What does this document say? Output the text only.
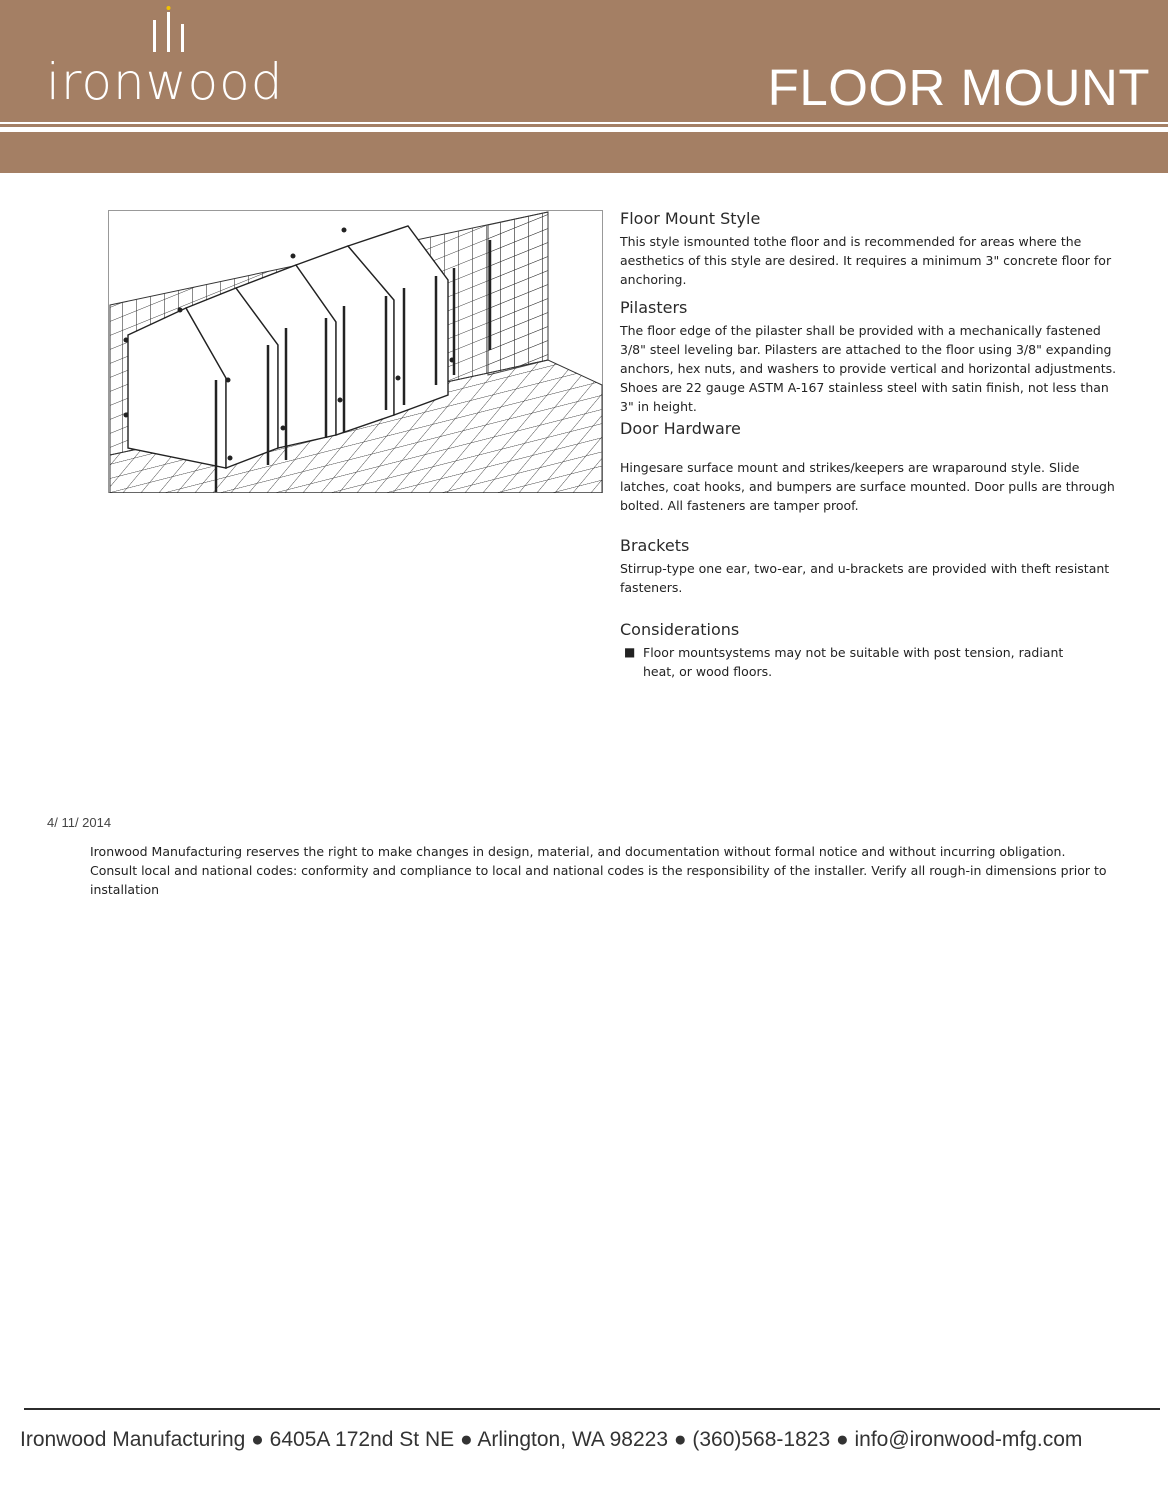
ironwood	FLOOR MOUNT

Floor Mount Style

This style ismounted tothe floor and is recommended for areas where the aesthetics of this style are desired. It requires a minimum 3" concrete floor for anchoring.

Pilasters

The floor edge of the pilaster shall be provided with a mechanically fastened 3/8" steel leveling bar. Pilasters are attached to the floor using 3/8" expanding anchors, hex nuts, and washers to provide vertical and horizontal adjustments. Shoes are 22 gauge ASTM A-167 stainless steel with satin finish, not less than 3" in height.

Door Hardware

Hingesare surface mount and strikes/keepers are wraparound style. Slide latches, coat hooks, and bumpers are surface mounted. Door pulls are through bolted. All fasteners are tamper proof.

Brackets

Stirrup-type one ear, two-ear, and u-brackets are provided with theft resistant fasteners.

Considerations

■ Floor mountsystems may not be suitable with post tension, radiant heat, or wood floors.
4/ 11/ 2014
Ironwood Manufacturing reserves the right to make changes in design, material, and documentation without formal notice and without incurring obligation. Consult local and national codes: conformity and compliance to local and national codes is the responsibility of the installer. Verify all rough-in dimensions prior to installation
Ironwood Manufacturing ● 6405A 172nd St NE ● Arlington, WA 98223 ● (360)568-1823 ● info@ironwood-mfg.com
